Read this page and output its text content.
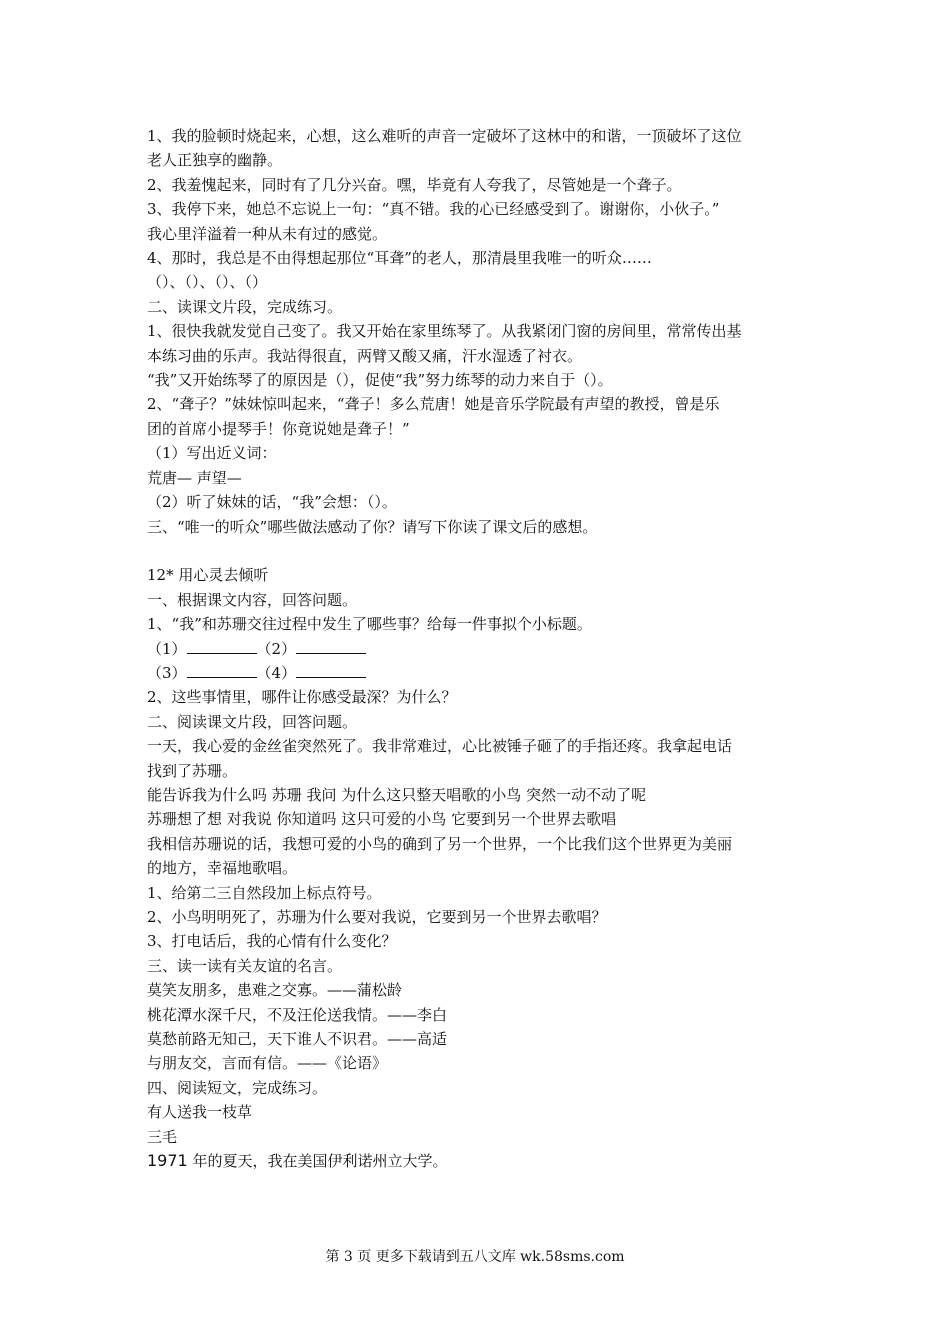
1、我的脸顿时烧起来，心想，这么难听的声音一定破坏了这林中的和谐，一顶破坏了这位
老人正独享的幽静。
2、我羞愧起来，同时有了几分兴奋。嘿，毕竟有人夸我了，尽管她是一个聋子。
3、我停下来，她总不忘说上一句：“真不错。我的心已经感受到了。谢谢你，小伙子。”
我心里洋溢着一种从未有过的感觉。
4、那时，我总是不由得想起那位“耳聋”的老人，那清晨里我唯一的听众……
（）、（）、（）、（）
二、读课文片段，完成练习。
1、很快我就发觉自己变了。我又开始在家里练琴了。从我紧闭门窗的房间里，常常传出基
本练习曲的乐声。我站得很直，两臂又酸又痛，汗水湿透了衬衣。
“我”又开始练琴了的原因是（），促使“我”努力练琴的动力来自于（）。
2、“聋子？”妹妹惊叫起来，“聋子！多么荒唐！她是音乐学院最有声望的教授，曾是乐
团的首席小提琴手！你竟说她是聋子！”
（1）写出近义词：
荒唐— 声望—
（2）听了妹妹的话，“我”会想：（）。
三、“唯一的听众”哪些做法感动了你？请写下你读了课文后的感想。
12* 用心灵去倾听
一、根据课文内容，回答问题。
1、“我”和苏珊交往过程中发生了哪些事？给每一件事拟个小标题。
（1）	（2）
（3）	（4）
2、这些事情里，哪件让你感受最深？为什么？
二、阅读课文片段，回答问题。
一天，我心爱的金丝雀突然死了。我非常难过，心比被锤子砸了的手指还疼。我拿起电话
找到了苏珊。
能告诉我为什么吗 苏珊 我问 为什么这只整天唱歌的小鸟 突然一动不动了呢
苏珊想了想 对我说 你知道吗 这只可爱的小鸟 它要到另一个世界去歌唱
我相信苏珊说的话，我想可爱的小鸟的确到了另一个世界，一个比我们这个世界更为美丽
的地方，幸福地歌唱。
1、给第二三自然段加上标点符号。
2、小鸟明明死了，苏珊为什么要对我说，它要到另一个世界去歌唱？
3、打电话后，我的心情有什么变化？
三、读一读有关友谊的名言。
莫笑友朋多，患难之交寡。——蒲松龄
桃花潭水深千尺，不及汪伦送我情。——李白
莫愁前路无知己，天下谁人不识君。——高适
与朋友交，言而有信。——《论语》
四、阅读短文，完成练习。
有人送我一枝草
三毛
1971 年的夏天，我在美国伊利诺州立大学。
第 3 页 更多下载请到五八文库 wk.58sms.com
